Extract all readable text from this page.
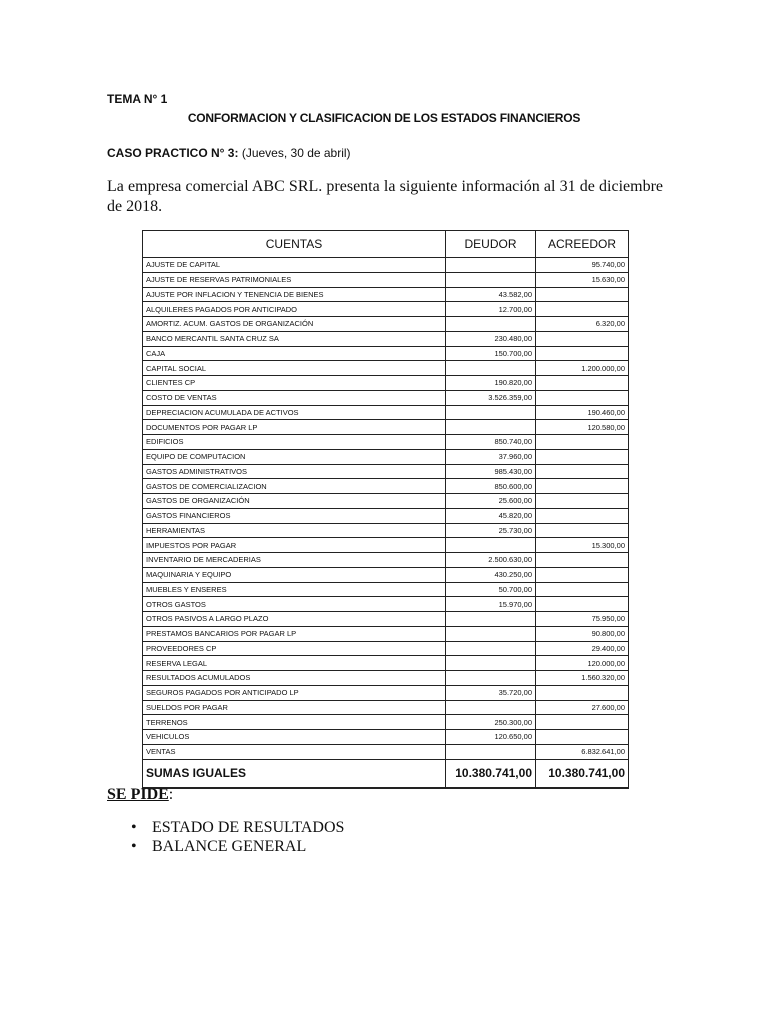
TEMA N° 1
CONFORMACION Y CLASIFICACION DE LOS ESTADOS FINANCIEROS
CASO PRACTICO N° 3: (Jueves, 30 de abril)
La empresa comercial ABC SRL. presenta la siguiente información al 31 de diciembre de 2018.
CUENTAS	DEUDOR	ACREEDOR
AJUSTE DE CAPITAL		95.740,00
AJUSTE DE RESERVAS PATRIMONIALES		15.630,00
AJUSTE POR INFLACION Y TENENCIA DE BIENES	43.582,00	
ALQUILERES PAGADOS POR ANTICIPADO	12.700,00	
AMORTIZ. ACUM. GASTOS DE ORGANIZACIÓN		6.320,00
BANCO MERCANTIL SANTA CRUZ SA	230.480,00	
CAJA	150.700,00	
CAPITAL SOCIAL		1.200.000,00
CLIENTES CP	190.820,00	
COSTO DE VENTAS	3.526.359,00	
DEPRECIACION ACUMULADA DE ACTIVOS		190.460,00
DOCUMENTOS POR PAGAR LP		120.580,00
EDIFICIOS	850.740,00	
EQUIPO DE COMPUTACION	37.960,00	
GASTOS ADMINISTRATIVOS	985.430,00	
GASTOS DE COMERCIALIZACION	850.600,00	
GASTOS DE ORGANIZACIÓN	25.600,00	
GASTOS FINANCIEROS	45.820,00	
HERRAMIENTAS	25.730,00	
IMPUESTOS POR PAGAR		15.300,00
INVENTARIO DE MERCADERIAS	2.500.630,00	
MAQUINARIA Y EQUIPO	430.250,00	
MUEBLES Y ENSERES	50.700,00	
OTROS GASTOS	15.970,00	
OTROS PASIVOS A LARGO PLAZO		75.950,00
PRESTAMOS BANCARIOS POR PAGAR LP		90.800,00
PROVEEDORES CP		29.400,00
RESERVA LEGAL		120.000,00
RESULTADOS ACUMULADOS		1.560.320,00
SEGUROS PAGADOS POR ANTICIPADO LP	35.720,00	
SUELDOS POR PAGAR		27.600,00
TERRENOS	250.300,00	
VEHICULOS	120.650,00	
VENTAS		6.832.641,00
SUMAS IGUALES	10.380.741,00	10.380.741,00
SE PIDE:
• ESTADO DE RESULTADOS
• BALANCE GENERAL
